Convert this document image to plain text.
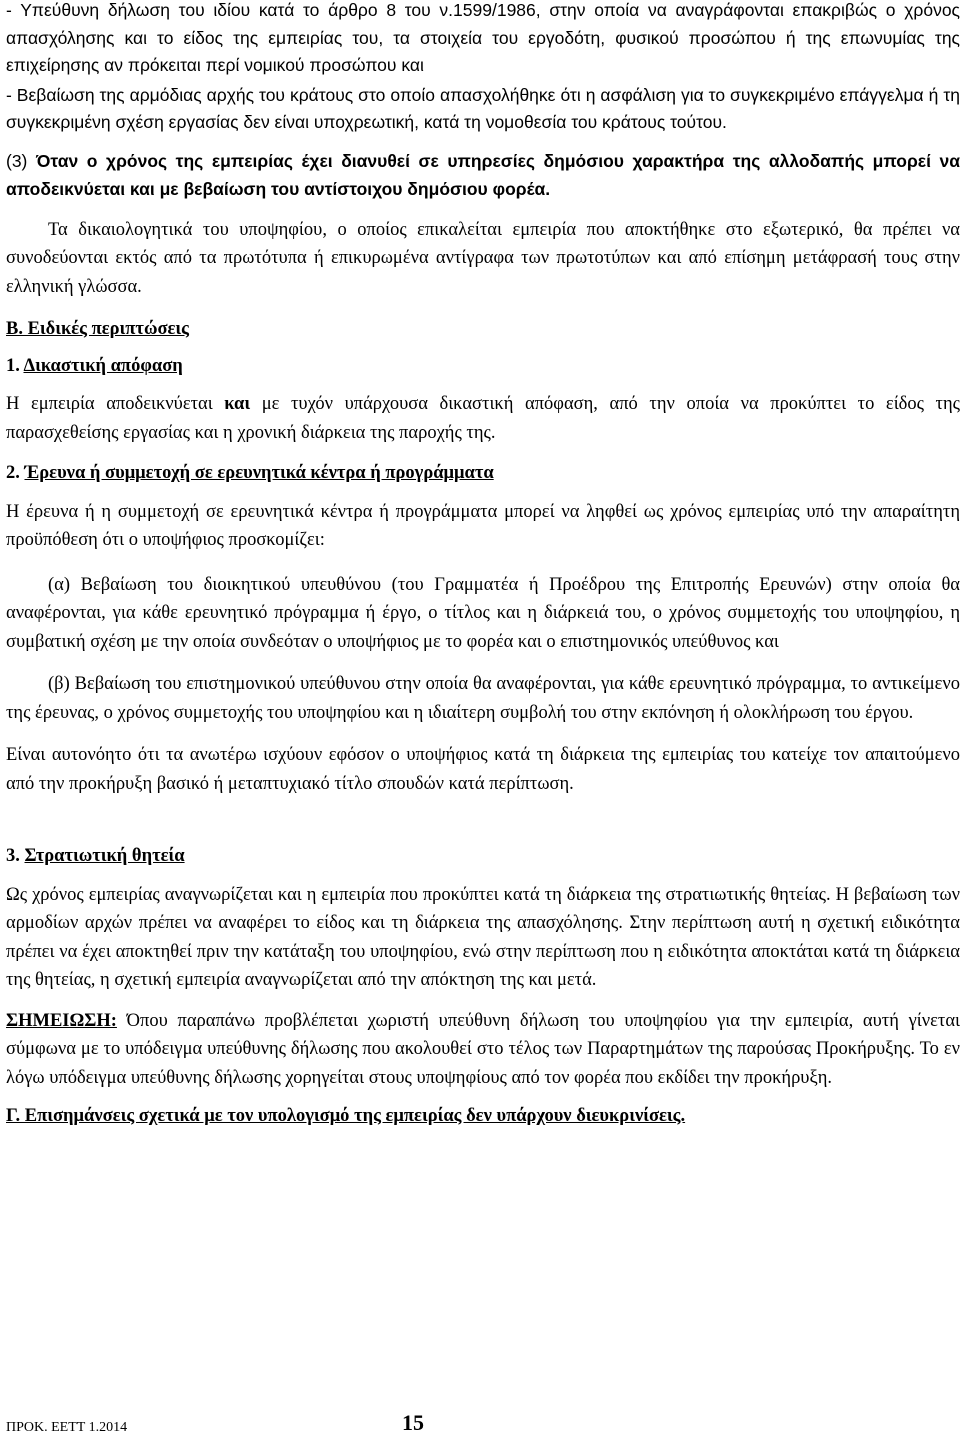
- Υπεύθυνη δήλωση του ιδίου κατά το άρθρο 8 του ν.1599/1986, στην οποία να αναγράφονται επακριβώς ο χρόνος απασχόλησης και το είδος της εμπειρίας του, τα στοιχεία του εργοδότη, φυσικού προσώπου ή της επωνυμίας της επιχείρησης αν πρόκειται περί νομικού προσώπου και

- Βεβαίωση της αρμόδιας αρχής του κράτους στο οποίο απασχολήθηκε ότι η ασφάλιση για το συγκεκριμένο επάγγελμα ή τη συγκεκριμένη σχέση εργασίας δεν είναι υποχρεωτική, κατά τη νομοθεσία του κράτους τούτου.

(3) Όταν ο χρόνος της εμπειρίας έχει διανυθεί σε υπηρεσίες δημόσιου χαρακτήρα της αλλοδαπής μπορεί να αποδεικνύεται και με βεβαίωση του αντίστοιχου δημόσιου φορέα.

Τα δικαιολογητικά του υποψηφίου, ο οποίος επικαλείται εμπειρία που αποκτήθηκε στο εξωτερικό, θα πρέπει να συνοδεύονται εκτός από τα πρωτότυπα ή επικυρωμένα αντίγραφα των πρωτοτύπων και από επίσημη μετάφρασή τους στην ελληνική γλώσσα.

Β. Ειδικές περιπτώσεις

1. Δικαστική απόφαση

Η εμπειρία αποδεικνύεται και με τυχόν υπάρχουσα δικαστική απόφαση, από την οποία να προκύπτει το είδος της παρασχεθείσης εργασίας και η χρονική διάρκεια της παροχής της.

2. Έρευνα ή συμμετοχή σε ερευνητικά κέντρα ή προγράμματα

Η έρευνα ή η συμμετοχή σε ερευνητικά κέντρα ή προγράμματα μπορεί να ληφθεί ως χρόνος εμπειρίας υπό την απαραίτητη προϋπόθεση ότι ο υποψήφιος προσκομίζει:

(α) Βεβαίωση του διοικητικού υπευθύνου (του Γραμματέα ή Προέδρου της Επιτροπής Ερευνών) στην οποία θα αναφέρονται, για κάθε ερευνητικό πρόγραμμα ή έργο, ο τίτλος και η διάρκειά του, ο χρόνος συμμετοχής του υποψηφίου, η συμβατική σχέση με την οποία συνδεόταν ο υποψήφιος με το φορέα και ο επιστημονικός υπεύθυνος και

(β) Βεβαίωση του επιστημονικού υπεύθυνου στην οποία θα αναφέρονται, για κάθε ερευνητικό πρόγραμμα, το αντικείμενο της έρευνας, ο χρόνος συμμετοχής του υποψηφίου και η ιδιαίτερη συμβολή του στην εκπόνηση ή ολοκλήρωση του έργου.

Είναι αυτονόητο ότι τα ανωτέρω ισχύουν εφόσον ο υποψήφιος κατά τη διάρκεια της εμπειρίας του κατείχε τον απαιτούμενο από την προκήρυξη βασικό ή μεταπτυχιακό τίτλο σπουδών κατά περίπτωση.

3. Στρατιωτική θητεία

Ως χρόνος εμπειρίας αναγνωρίζεται και η εμπειρία που προκύπτει κατά τη διάρκεια της στρατιωτικής θητείας. Η βεβαίωση των αρμοδίων αρχών πρέπει να αναφέρει το είδος και τη διάρκεια της απασχόλησης. Στην περίπτωση αυτή η σχετική ειδικότητα πρέπει να έχει αποκτηθεί πριν την κατάταξη του υποψηφίου, ενώ στην περίπτωση που η ειδικότητα αποκτάται κατά τη διάρκεια της θητείας, η σχετική εμπειρία αναγνωρίζεται από την απόκτηση της και μετά.

ΣΗΜΕΙΩΣΗ: Όπου παραπάνω προβλέπεται χωριστή υπεύθυνη δήλωση του υποψηφίου για την εμπειρία, αυτή γίνεται σύμφωνα με το υπόδειγμα υπεύθυνης δήλωσης που ακολουθεί στο τέλος των Παραρτημάτων της παρούσας Προκήρυξης. Το εν λόγω υπόδειγμα υπεύθυνης δήλωσης χορηγείται στους υποψηφίους από τον φορέα που εκδίδει την προκήρυξη.

Γ. Επισημάνσεις σχετικά με τον υπολογισμό της εμπειρίας δεν υπάρχουν διευκρινίσεις.

ΠΡΟΚ. ΕΕΤΤ 1.2014	15
